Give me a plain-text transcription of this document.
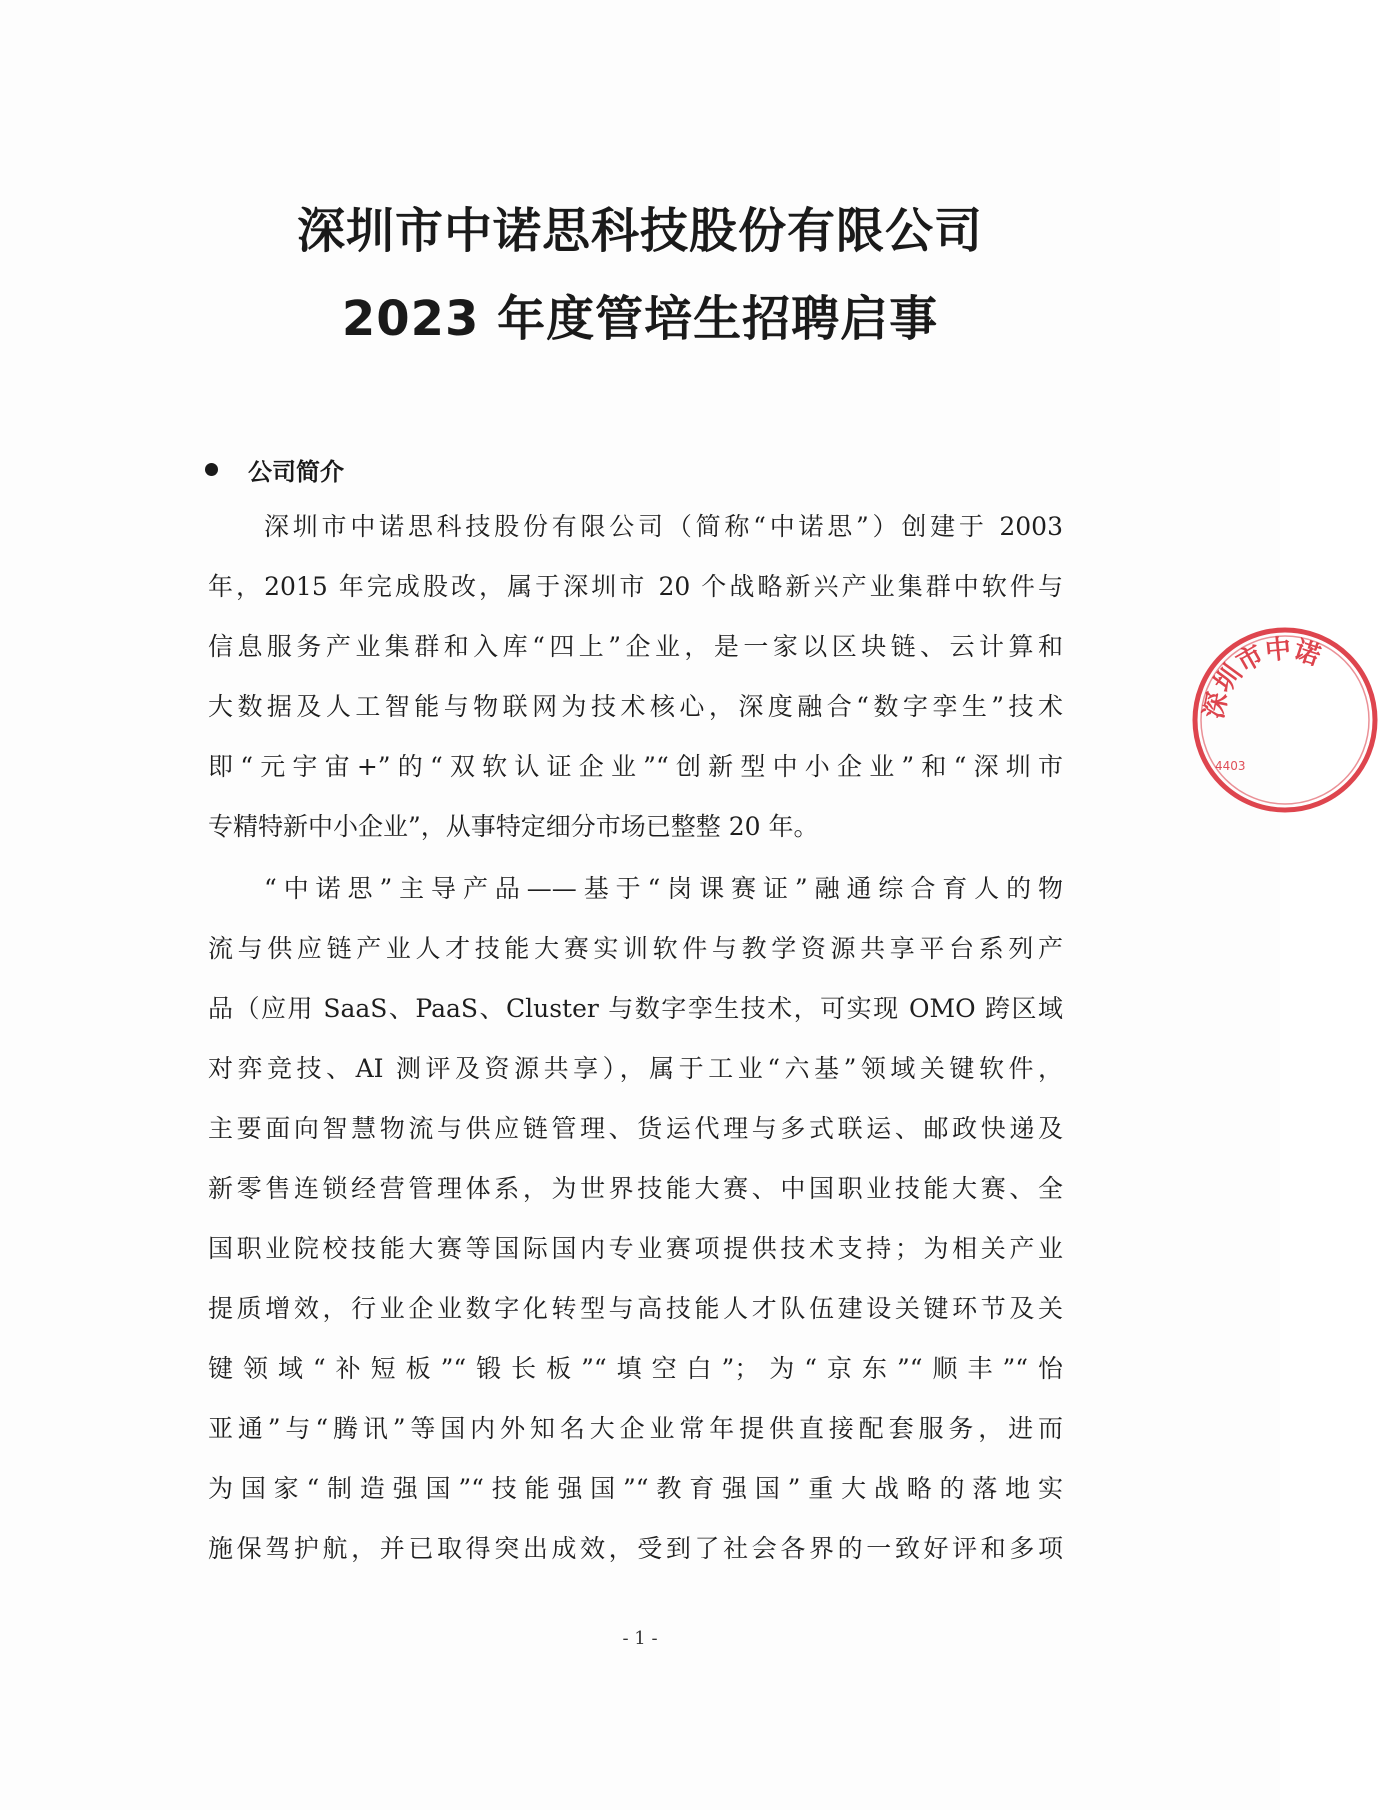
深圳市中诺思科技股份有限公司
2023 年度管培生招聘启事
公司简介
深圳市中诺思科技股份有限公司（简称“中诺思”）创建于 2003
年，2015 年完成股改，属于深圳市 20 个战略新兴产业集群中软件与
信息服务产业集群和入库“四上”企业，是一家以区块链、云计算和
大数据及人工智能与物联网为技术核心，深度融合“数字孪生”技术
即“元宇宙+”的“双软认证企业”“创新型中小企业”和“深圳市
专精特新中小企业”，从事特定细分市场已整整 20 年。
“中诺思”主导产品——基于“岗课赛证”融通综合育人的物
流与供应链产业人才技能大赛实训软件与教学资源共享平台系列产
品（应用 SaaS、PaaS、Cluster 与数字孪生技术，可实现 OMO 跨区域
对弈竞技、AI 测评及资源共享），属于工业“六基”领域关键软件，
主要面向智慧物流与供应链管理、货运代理与多式联运、邮政快递及
新零售连锁经营管理体系，为世界技能大赛、中国职业技能大赛、全
国职业院校技能大赛等国际国内专业赛项提供技术支持；为相关产业
提质增效，行业企业数字化转型与高技能人才队伍建设关键环节及关
键领域“补短板”“锻长板”“填空白”；为“京东”“顺丰”“怡
亚通”与“腾讯”等国内外知名大企业常年提供直接配套服务，进而
为国家“制造强国”“技能强国”“教育强国”重大战略的落地实
施保驾护航，并已取得突出成效，受到了社会各界的一致好评和多项
- 1 -
深圳市中诺
4403
